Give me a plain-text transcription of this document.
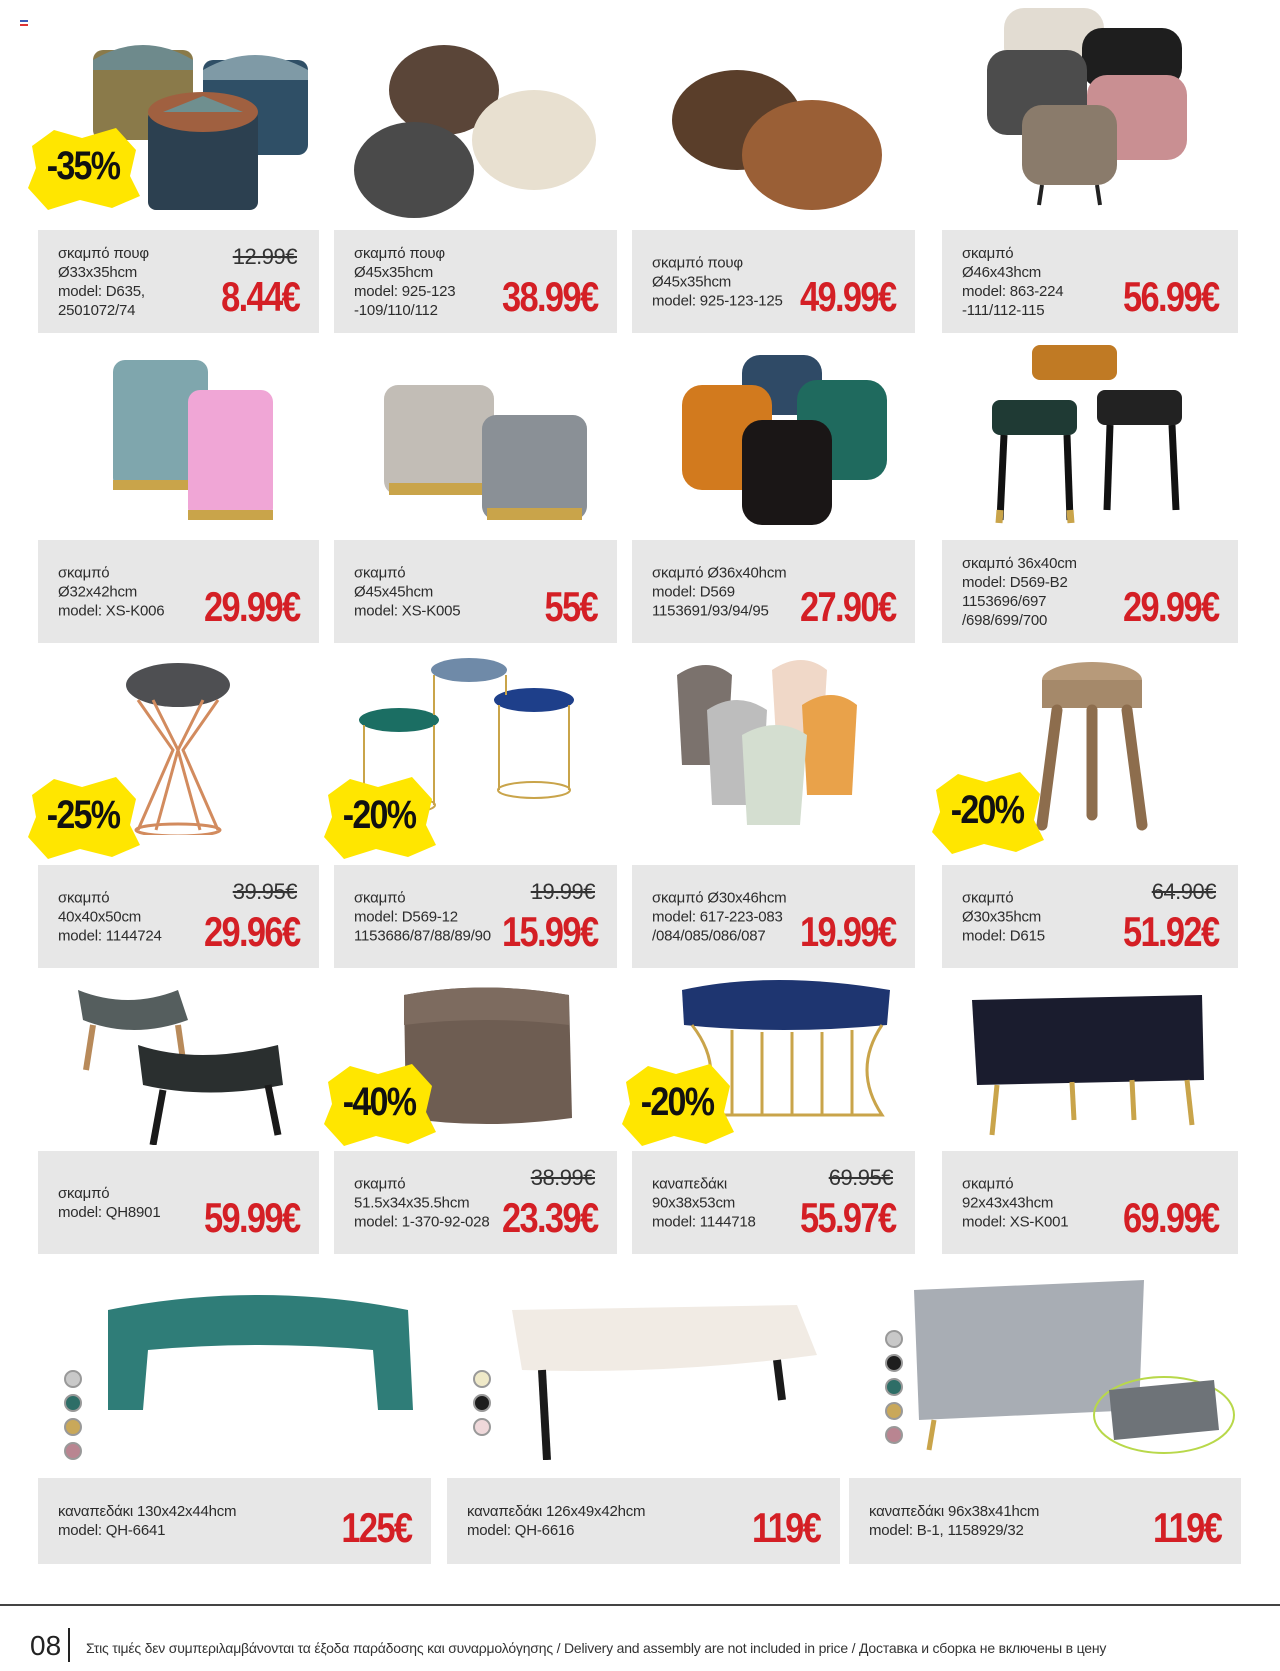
-35%
σκαμπό πουφ
Ø33x35hcm
model: D635,
2501072/74
12.99€
8.44€
σκαμπό πουφ
Ø45x35hcm
model: 925-123
-109/110/112	38.99€
σκαμπό πουφ
Ø45x35hcm
model: 925-123-125 49.99€
σκαμπό
Ø46x43hcm
model: 863-224
-111/112-115	56.99€
σκαμπό
Ø32x42hcm
model: XS-K006 29.99€
σκαμπό
Ø45x45hcm
model: XS-K005 55€
σκαμπό Ø36x40hcm
model: D569
1153691/93/94/95 27.90€
σκαμπό 36x40cm
model: D569-B2
1153696/697
/698/699/700	29.99€
-25%
σκαμπό
40x40x50cm
model: 1144724
39.95€
29.96€
-20%
σκαμπό
model: D569-12
1153686/87/88/89/90
19.99€
15.99€
σκαμπό Ø30x46hcm
model: 617-223-083
/084/085/086/087 19.99€
-20%
σκαμπό
Ø30x35hcm
model: D615
64.90€
51.92€
σκαμπό
model: QH8901 59.99€
-40%
σκαμπό
51.5x34x35.5hcm
model: 1-370-92-028
38.99€
23.39€
-20%
καναπεδάκι
90x38x53cm
model: 1144718
69.95€
55.97€
σκαμπό
92x43x43hcm
model: XS-K001 69.99€
καναπεδάκι 130x42x44hcm
model: QH-6641	125€	καναπεδάκι 126x49x42hcm
model: QH-6616	119€	καναπεδάκι 96x38x41hcm
model: B-1, 1158929/32	119€
08 Στις τιμές δεν συμπεριλαμβάνονται τα έξοδα παράδοσης και συναρμολόγησης / Delivery and assembly are not included in price / Доставка и сборка не включены в цену
